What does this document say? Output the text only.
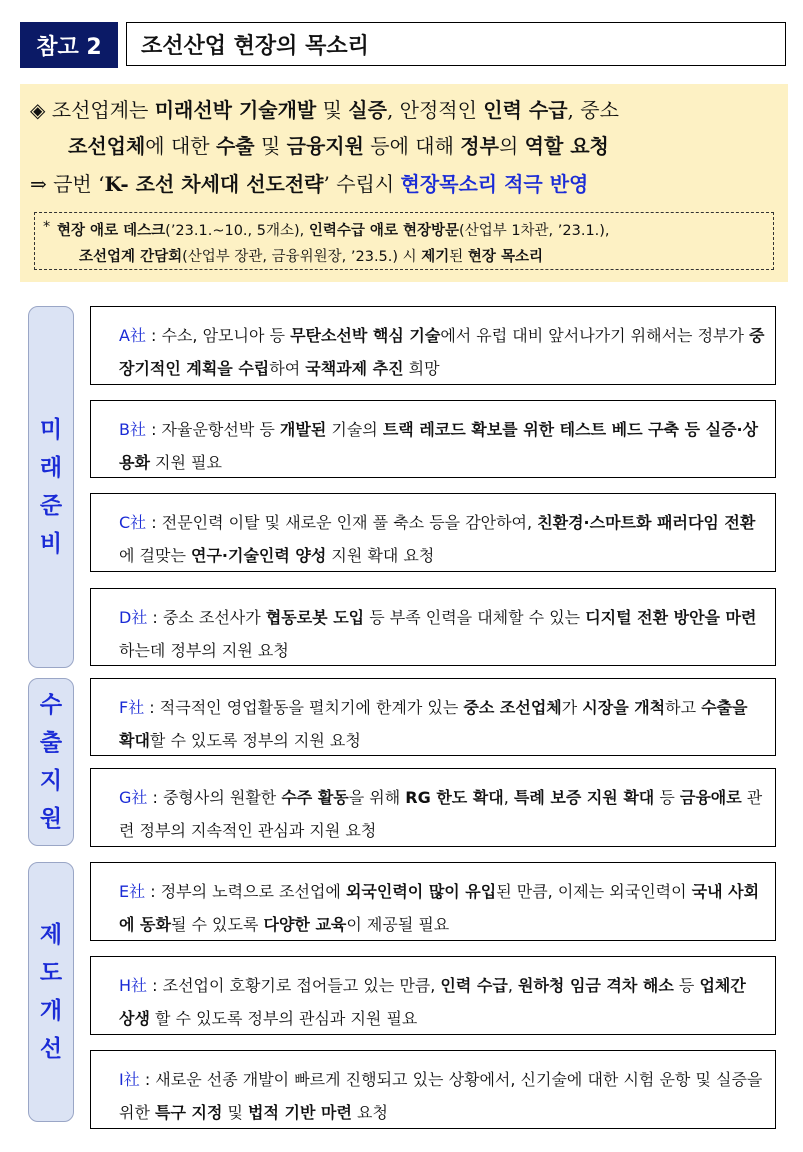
참고 2	조선산업 현장의 목소리
◈ 조선업계는 미래선박 기술개발 및 실증, 안정적인 인력 수급, 중소
조선업체에 대한 수출 및 금융지원 등에 대해 정부의 역할 요청
⇒ 금번 ‘K- 조선 차세대 선도전략’ 수립시 현장목소리 적극 반영
* 현장 애로 데스크(’23.1.~10., 5개소), 인력수급 애로 현장방문(산업부 1차관, ’23.1.),
조선업계 간담회(산업부 장관, 금융위원장, ’23.5.) 시 제기된 현장 목소리
미
래
준
비
수
출
지
원
제
도
개
선
A社 : 수소, 암모니아 등 무탄소선박 핵심 기술에서 유럽 대비 앞서나가기 위해서는 정부가 중장기적인 계획을 수립하여 국책과제 추진 희망
B社 : 자율운항선박 등 개발된 기술의 트랙 레코드 확보를 위한 테스트 베드 구축 등 실증·상용화 지원 필요
C社 : 전문인력 이탈 및 새로운 인재 풀 축소 등을 감안하여, 친환경·스마트화 패러다임 전환에 걸맞는 연구·기술인력 양성 지원 확대 요청
D社 : 중소 조선사가 협동로봇 도입 등 부족 인력을 대체할 수 있는 디지털 전환 방안을 마련하는데 정부의 지원 요청
F社 : 적극적인 영업활동을 펼치기에 한계가 있는 중소 조선업체가 시장을 개척하고 수출을 확대할 수 있도록 정부의 지원 요청
G社 : 중형사의 원활한 수주 활동을 위해 RG 한도 확대, 특례 보증 지원 확대 등 금융애로 관련 정부의 지속적인 관심과 지원 요청
E社 : 정부의 노력으로 조선업에 외국인력이 많이 유입된 만큼, 이제는 외국인력이 국내 사회에 동화될 수 있도록 다양한 교육이 제공될 필요
H社 : 조선업이 호황기로 접어들고 있는 만큼, 인력 수급, 원하청 임금 격차 해소 등 업체간 상생 할 수 있도록 정부의 관심과 지원 필요
I社 : 새로운 선종 개발이 빠르게 진행되고 있는 상황에서, 신기술에 대한 시험 운항 및 실증을 위한 특구 지정 및 법적 기반 마련 요청
